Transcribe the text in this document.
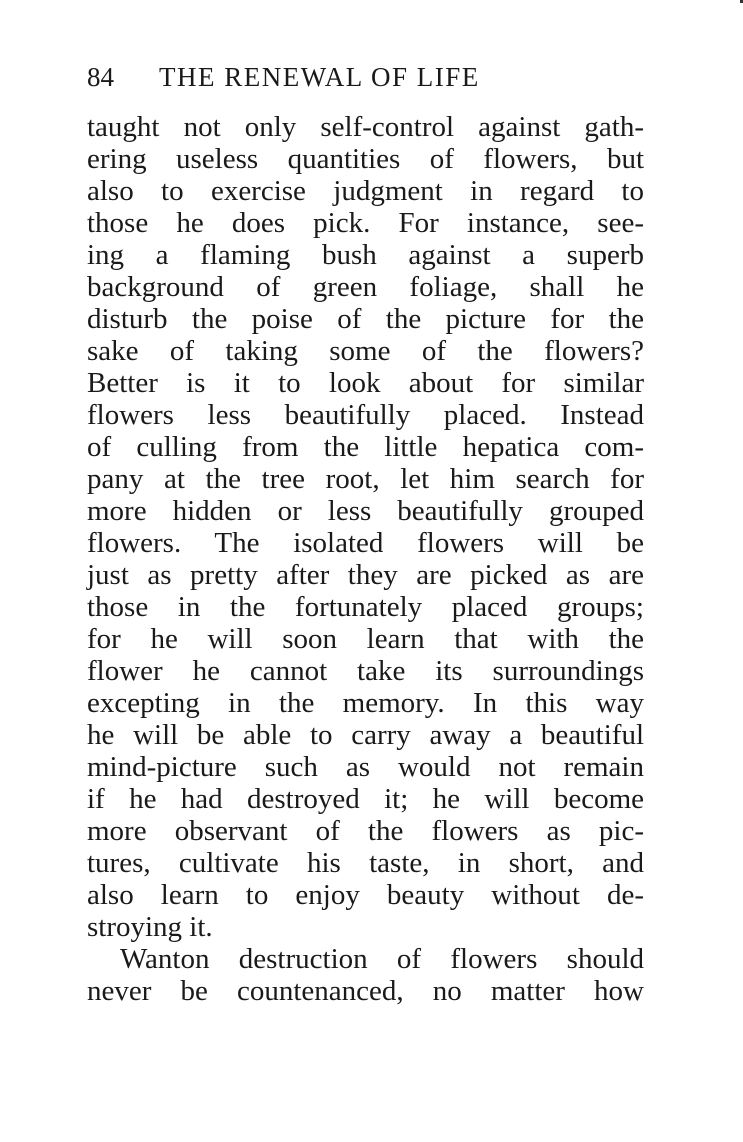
84 THE RENEWAL OF LIFE
taught not only self-control against gath-
ering useless quantities of flowers, but
also to exercise judgment in regard to
those he does pick. For instance, see-
ing a flaming bush against a superb
background of green foliage, shall he
disturb the poise of the picture for the
sake of taking some of the flowers?
Better is it to look about for similar
flowers less beautifully placed. Instead
of culling from the little hepatica com-
pany at the tree root, let him search for
more hidden or less beautifully grouped
flowers. The isolated flowers will be
just as pretty after they are picked as are
those in the fortunately placed groups;
for he will soon learn that with the
flower he cannot take its surroundings
excepting in the memory. In this way
he will be able to carry away a beautiful
mind-picture such as would not remain
if he had destroyed it; he will become
more observant of the flowers as pic-
tures, cultivate his taste, in short, and
also learn to enjoy beauty without de-
stroying it.
Wanton destruction of flowers should
never be countenanced, no matter how
